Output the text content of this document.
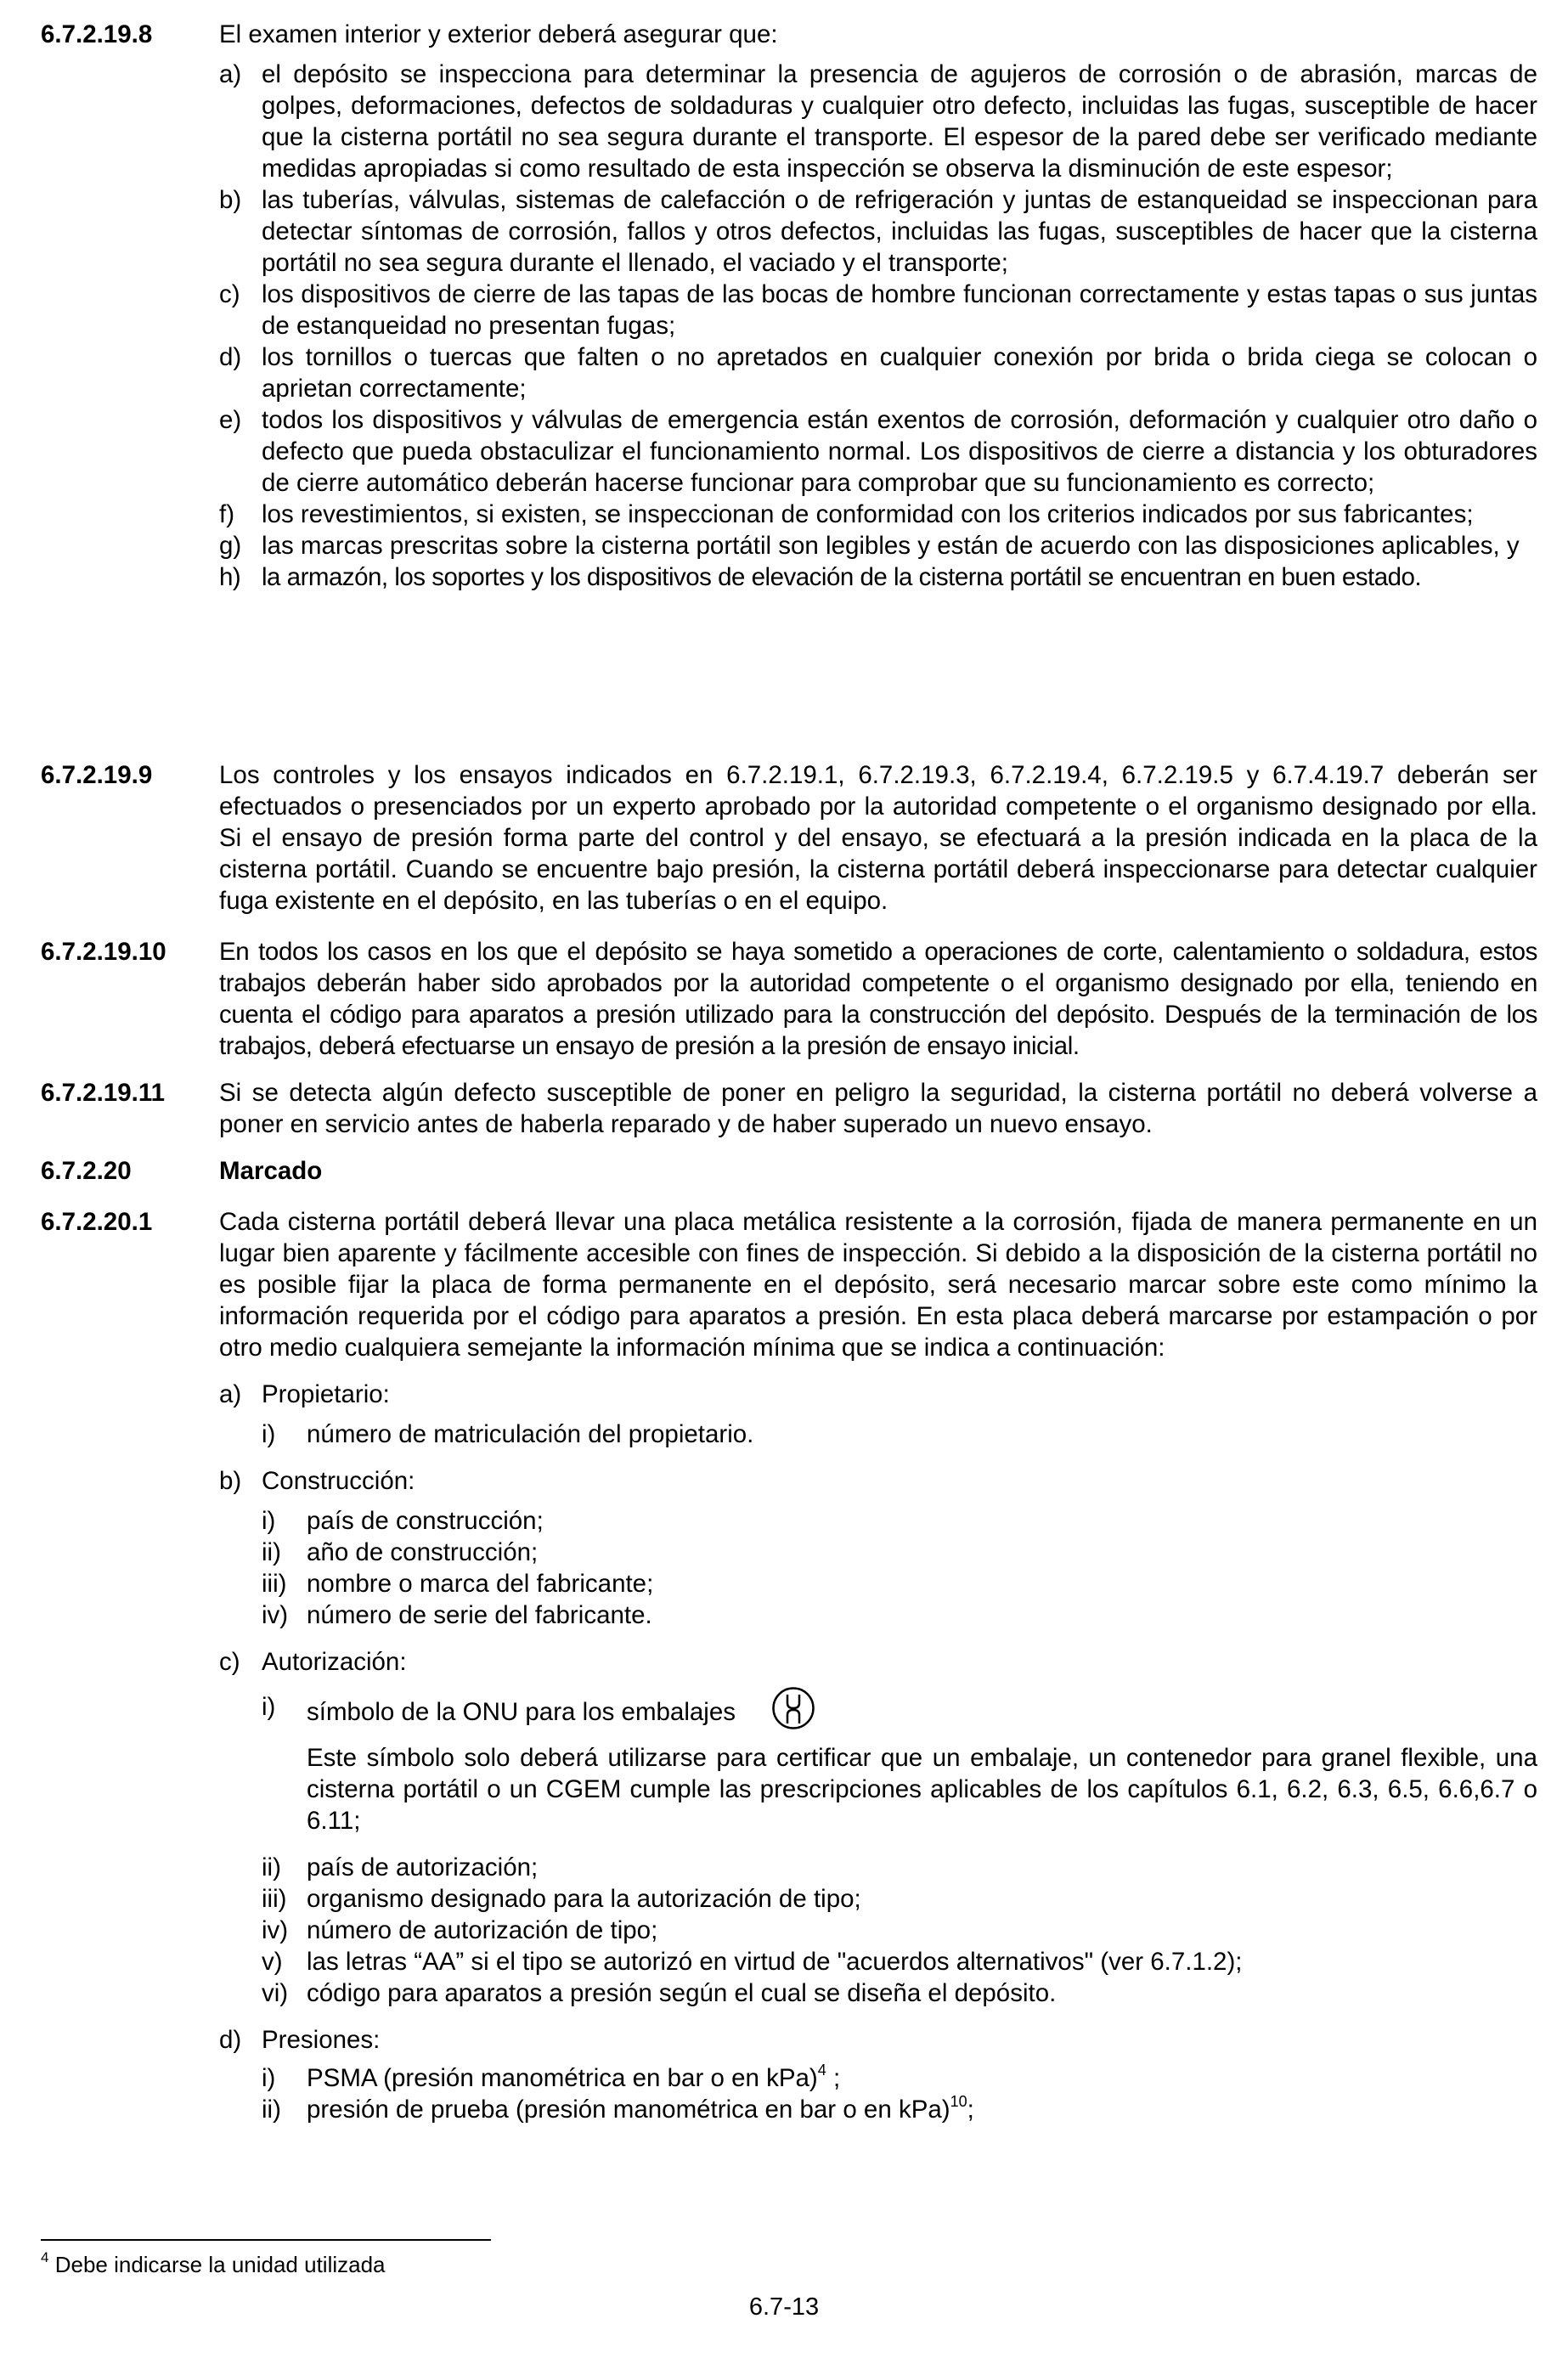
6.7.2.19.8	El examen interior y exterior deberá asegurar que:
a) el depósito se inspecciona para determinar la presencia de agujeros de corrosión o de abrasión, marcas de golpes, deformaciones, defectos de soldaduras y cualquier otro defecto, incluidas las fugas, susceptible de hacer que la cisterna portátil no sea segura durante el transporte. El espesor de la pared debe ser verificado mediante medidas apropiadas si como resultado de esta inspección se observa la disminución de este espesor;
b) las tuberías, válvulas, sistemas de calefacción o de refrigeración y juntas de estanqueidad se inspeccionan para detectar síntomas de corrosión, fallos y otros defectos, incluidas las fugas, susceptibles de hacer que la cisterna portátil no sea segura durante el llenado, el vaciado y el transporte;
c) los dispositivos de cierre de las tapas de las bocas de hombre funcionan correctamente y estas tapas o sus juntas de estanqueidad no presentan fugas;
d) los tornillos o tuercas que falten o no apretados en cualquier conexión por brida o brida ciega se colocan o aprietan correctamente;
e) todos los dispositivos y válvulas de emergencia están exentos de corrosión, deformación y cualquier otro daño o defecto que pueda obstaculizar el funcionamiento normal. Los dispositivos de cierre a distancia y los obturadores de cierre automático deberán hacerse funcionar para comprobar que su funcionamiento es correcto;
f) los revestimientos, si existen, se inspeccionan de conformidad con los criterios indicados por sus fabricantes;
g) las marcas prescritas sobre la cisterna portátil son legibles y están de acuerdo con las disposiciones aplicables, y
h) la armazón, los soportes y los dispositivos de elevación de la cisterna portátil se encuentran en buen estado.
6.7.2.19.9	Los controles y los ensayos indicados en 6.7.2.19.1, 6.7.2.19.3, 6.7.2.19.4, 6.7.2.19.5 y 6.7.4.19.7 deberán ser efectuados o presenciados por un experto aprobado por la autoridad competente o el organismo designado por ella. Si el ensayo de presión forma parte del control y del ensayo, se efectuará a la presión indicada en la placa de la cisterna portátil. Cuando se encuentre bajo presión, la cisterna portátil deberá inspeccionarse para detectar cualquier fuga existente en el depósito, en las tuberías o en el equipo.
6.7.2.19.10 En todos los casos en los que el depósito se haya sometido a operaciones de corte, calentamiento o soldadura, estos trabajos deberán haber sido aprobados por la autoridad competente o el organismo designado por ella, teniendo en cuenta el código para aparatos a presión utilizado para la construcción del depósito. Después de la terminación de los trabajos, deberá efectuarse un ensayo de presión a la presión de ensayo inicial.
6.7.2.19.11 Si se detecta algún defecto susceptible de poner en peligro la seguridad, la cisterna portátil no deberá volverse a poner en servicio antes de haberla reparado y de haber superado un nuevo ensayo.
6.7.2.20	Marcado
6.7.2.20.1	Cada cisterna portátil deberá llevar una placa metálica resistente a la corrosión, fijada de manera permanente en un lugar bien aparente y fácilmente accesible con fines de inspección. Si debido a la disposición de la cisterna portátil no es posible fijar la placa de forma permanente en el depósito, será necesario marcar sobre este como mínimo la información requerida por el código para aparatos a presión. En esta placa deberá marcarse por estampación o por otro medio cualquiera semejante la información mínima que se indica a continuación:
a) Propietario:
i) número de matriculación del propietario.
b) Construcción:
i) país de construcción;
ii) año de construcción;
iii) nombre o marca del fabricante;
iv) número de serie del fabricante.
c) Autorización:
i) símbolo de la ONU para los embalajes
Este símbolo solo deberá utilizarse para certificar que un embalaje, un contenedor para granel flexible, una cisterna portátil o un CGEM cumple las prescripciones aplicables de los capítulos 6.1, 6.2, 6.3, 6.5, 6.6,6.7 o 6.11;
ii) país de autorización;
iii) organismo designado para la autorización de tipo;
iv) número de autorización de tipo;
v) las letras “AA” si el tipo se autorizó en virtud de "acuerdos alternativos" (ver 6.7.1.2);
vi) código para aparatos a presión según el cual se diseña el depósito.
d) Presiones:
i) PSMA (presión manométrica en bar o en kPa)$^4$ ;
ii) presión de prueba (presión manométrica en bar o en kPa)$^{10}$;
$^4$ Debe indicarse la unidad utilizada
6.7-13
